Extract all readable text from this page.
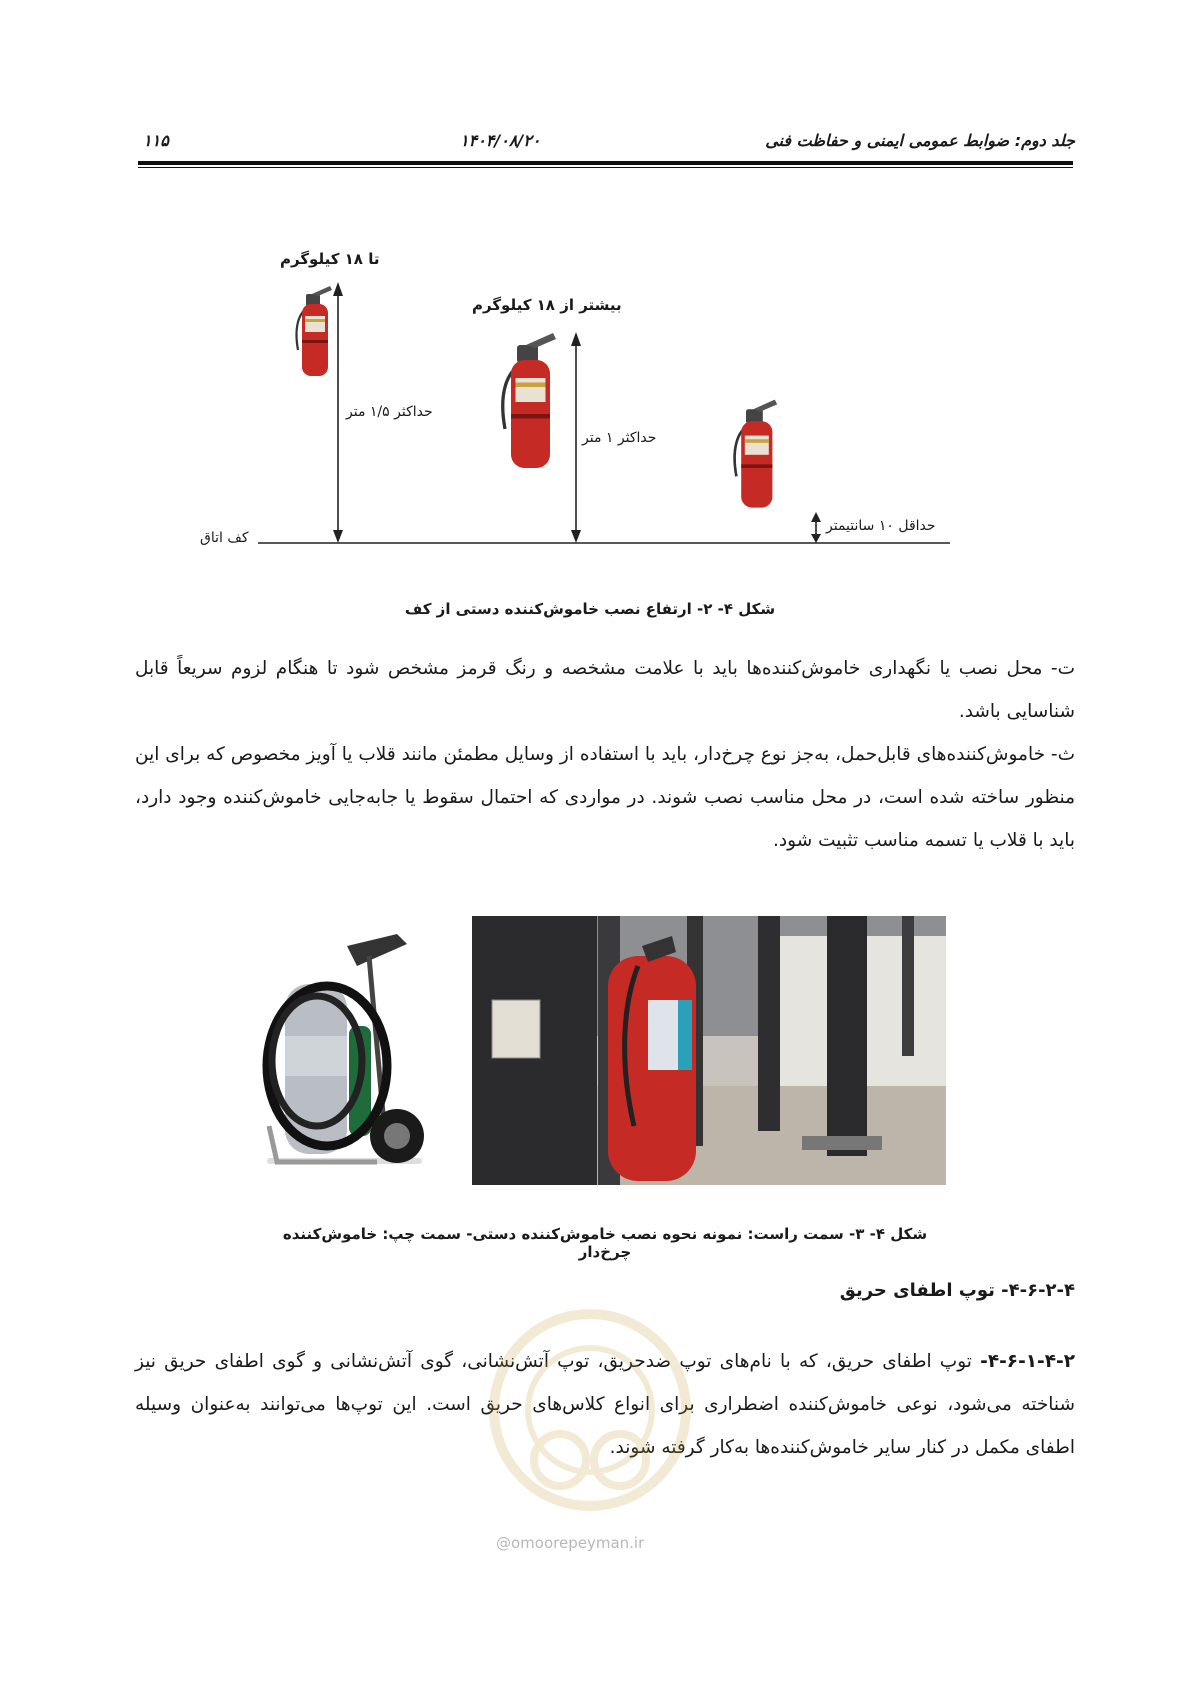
جلد دوم: ضوابط عمومی ایمنی و حفاظت فنی
۱۴۰۴/۰۸/۲۰
۱۱۵
تا ۱۸ کیلوگرم
بیشتر از ۱۸ کیلوگرم
حداکثر ۱/۵ متر
حداکثر ۱ متر
حداقل ۱۰ سانتیمتر
کف اتاق
شکل ۴- ۲- ارتفاع نصب خاموش‌کننده دستی از کف

ت- محل نصب یا نگهداری خاموش‌کننده‌ها باید با علامت مشخصه و رنگ قرمز مشخص شود تا هنگام لزوم سریعاً قابل شناسایی باشد.

ث- خاموش‌کننده‌های قابل‌حمل، به‌جز نوع چرخ‌دار، باید با استفاده از وسایل مطمئن مانند قلاب یا آویز مخصوص که برای این منظور ساخته شده است، در محل مناسب نصب شوند. در مواردی که احتمال سقوط یا جابه‌جایی خاموش‌کننده وجود دارد، باید با قلاب یا تسمه مناسب تثبیت شود.

شکل ۴- ۳- سمت راست: نمونه نحوه نصب خاموش‌کننده دستی- سمت چپ: خاموش‌کننده چرخ‌دار
۴-۶-۲-۴- توپ اطفای حریق

۴-۶-۱-۴-۲- توپ اطفای حریق، که با نام‌های توپ ضدحریق، توپ آتش‌نشانی، گوی آتش‌نشانی و گوی اطفای حریق نیز شناخته می‌شود، نوعی خاموش‌کننده اضطراری برای انواع کلاس‌های حریق است. این توپ‌ها می‌توانند به‌عنوان وسیله اطفای مکمل در کنار سایر خاموش‌کننده‌ها به‌کار گرفته شوند.

@omoorepeyman.ir
